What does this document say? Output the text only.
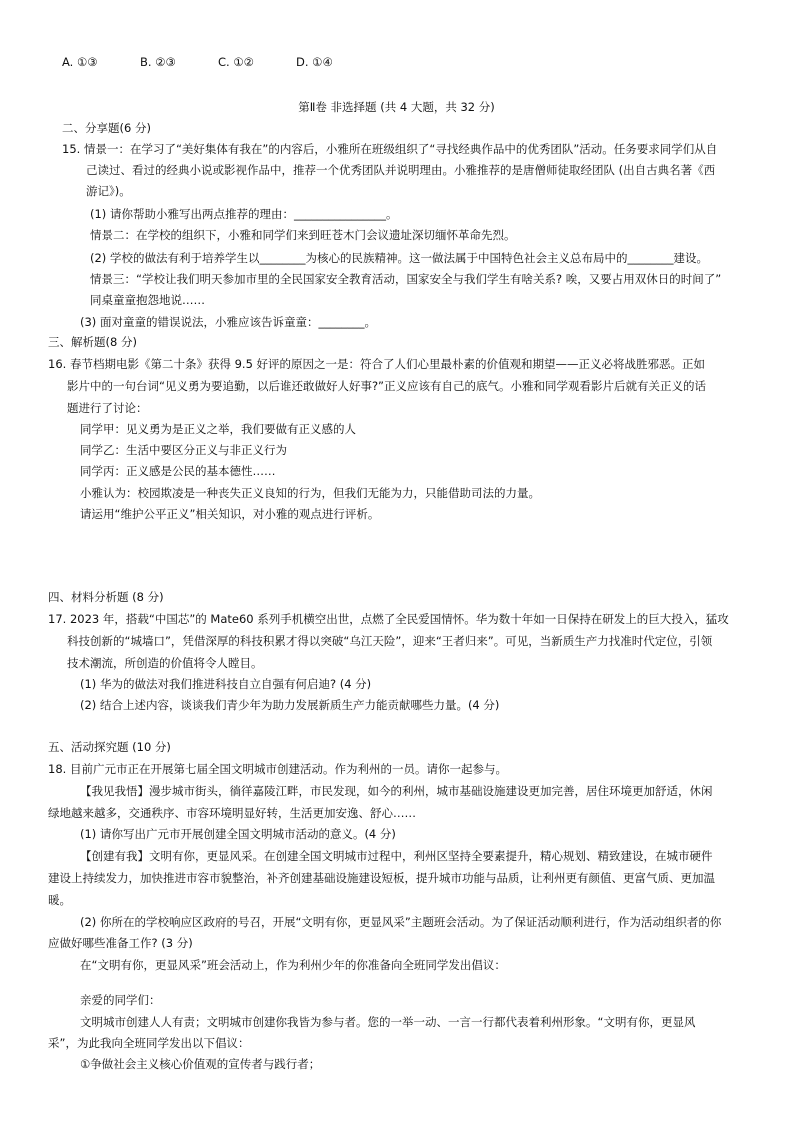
A. ①③	B. ②③	C. ①②	D. ①④
第Ⅱ卷 非选择题 (共 4 大题，共 32 分)
二、分享题(6 分)
15. 情景一：在学习了“美好集体有我在”的内容后，小雅所在班级组织了“寻找经典作品中的优秀团队”活动。任务要求同学们从自
己读过、看过的经典小说或影视作品中，推荐一个优秀团队并说明理由。小雅推荐的是唐僧师徒取经团队 (出自古典名著《西
游记》)。
(1) 请你帮助小雅写出两点推荐的理由：________________。
情景二：在学校的组织下，小雅和同学们来到旺苍木门会议遗址深切缅怀革命先烈。
(2) 学校的做法有利于培养学生以________为核心的民族精神。这一做法属于中国特色社会主义总布局中的________建设。
情景三：“学校让我们明天参加市里的全民国家安全教育活动，国家安全与我们学生有啥关系? 唉，又要占用双休日的时间了”
同桌童童抱怨地说……
(3) 面对童童的错误说法，小雅应该告诉童童：________。
三、解析题(8 分)
16. 春节档期电影《第二十条》获得 9.5 好评的原因之一是：符合了人们心里最朴素的价值观和期望——正义必将战胜邪恶。正如
影片中的一句台词“见义勇为要追勤，以后谁还敢做好人好事?”正义应该有自己的底气。小雅和同学观看影片后就有关正义的话
题进行了讨论：
同学甲：见义勇为是正义之举，我们要做有正义感的人
同学乙：生活中要区分正义与非正义行为
同学丙：正义感是公民的基本德性……
小雅认为：校园欺凌是一种丧失正义良知的行为，但我们无能为力，只能借助司法的力量。
请运用“维护公平正义”相关知识，对小雅的观点进行评析。
四、材料分析题 (8 分)
17. 2023 年，搭载“中国芯”的 Mate60 系列手机横空出世，点燃了全民爱国情怀。华为数十年如一日保持在研发上的巨大投入，猛攻
科技创新的“城墙口”，凭借深厚的科技积累才得以突破“乌江天险”，迎来“王者归来”。可见，当新质生产力找准时代定位，引领
技术潮流，所创造的价值将令人瞠目。
(1) 华为的做法对我们推进科技自立自强有何启迪? (4 分)
(2) 结合上述内容，谈谈我们青少年为助力发展新质生产力能贡献哪些力量。(4 分)
五、活动探究题 (10 分)
18. 目前广元市正在开展第七届全国文明城市创建活动。作为利州的一员。请你一起参与。
【我见我悟】漫步城市街头，徜徉嘉陵江畔，市民发现，如今的利州，城市基础设施建设更加完善，居住环境更加舒适，休闲
绿地越来越多，交通秩序、市容环境明显好转，生活更加安逸、舒心……
(1) 请你写出广元市开展创建全国文明城市活动的意义。(4 分)
【创建有我】文明有你，更显风采。在创建全国文明城市过程中，利州区坚持全要素提升，精心规划、精致建设，在城市硬件
建设上持续发力，加快推进市容市貌整治，补齐创建基础设施建设短板，提升城市功能与品质，让利州更有颜值、更富气质、更加温
暖。
(2) 你所在的学校响应区政府的号召，开展“文明有你，更显风采”主题班会活动。为了保证活动顺利进行，作为活动组织者的你
应做好哪些准备工作? (3 分)
在“文明有你，更显风采”班会活动上，作为利州少年的你准备向全班同学发出倡议：
亲爱的同学们：
文明城市创建人人有责；文明城市创建你我皆为参与者。您的一举一动、一言一行都代表着利州形象。“文明有你，更显风
采”，为此我向全班同学发出以下倡议：
①争做社会主义核心价值观的宣传者与践行者；
